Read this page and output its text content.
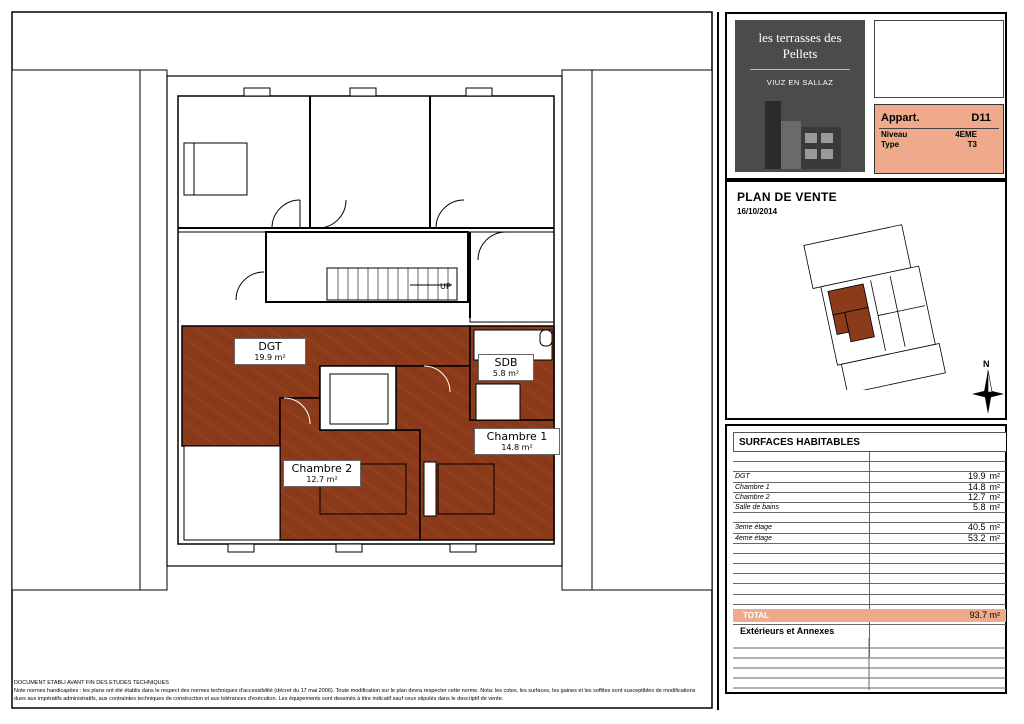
UP
DGT
19.9 m²	SDB
5.8 m²
Chambre 1
14.8 m²
Chambre 2
12.7 m²
DOCUMENT ETABLI AVANT FIN DES ETUDES TECHNIQUES
Note normes handicapées : les plans ont été établis dans le respect des normes techniques d'accessibilité (décret du 17 mai 2006). Toute modification sur le plan devra respecter cette norme. Nota: les cotes, les surfaces, les gaines et les soffites sont susceptibles de modifications dues aux impératifs administratifs, aux contraintes techniques de construction et aux tolérances d'exécution. Les équipements sont dessinés à titre indicatif sauf ceux stipulés dans le descriptif de vente.
les terrasses des
Pellets
VIUZ EN SALLAZ
Appart.	D11
Niveau	4EME
Type	T3
PLAN DE VENTE
16/10/2014
N
SURFACES HABITABLES
DGT	19.9 m²
Chambre 1	14.8 m²
Chambre 2	12.7 m²
Salle de bains	5.8 m²
3eme étage	40.5 m²
4eme étage	53.2 m²
TOTAL	93.7 m²
Extérieurs et Annexes
